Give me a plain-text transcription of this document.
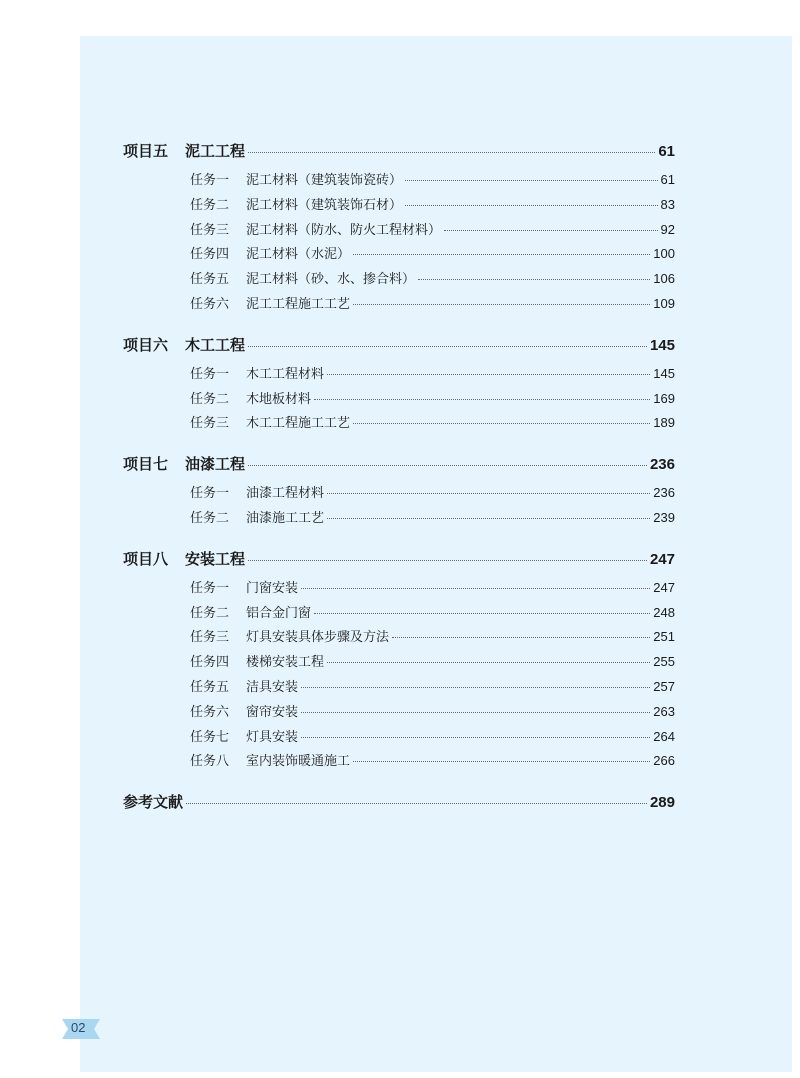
项目五	泥工工程	61
任务一	泥工材料（建筑装饰瓷砖）	61
任务二	泥工材料（建筑装饰石材）	83
任务三	泥工材料（防水、防火工程材料）	92
任务四	泥工材料（水泥）	100
任务五	泥工材料（砂、水、掺合料）	106
任务六	泥工工程施工工艺	109
项目六	木工工程	145
任务一	木工工程材料	145
任务二	木地板材料	169
任务三	木工工程施工工艺	189
项目七	油漆工程	236
任务一	油漆工程材料	236
任务二	油漆施工工艺	239
项目八	安装工程	247
任务一	门窗安装	247
任务二	铝合金门窗	248
任务三	灯具安装具体步骤及方法	251
任务四	楼梯安装工程	255
任务五	洁具安装	257
任务六	窗帘安装	263
任务七	灯具安装	264
任务八	室内装饰暖通施工	266
参考文献	289
02
